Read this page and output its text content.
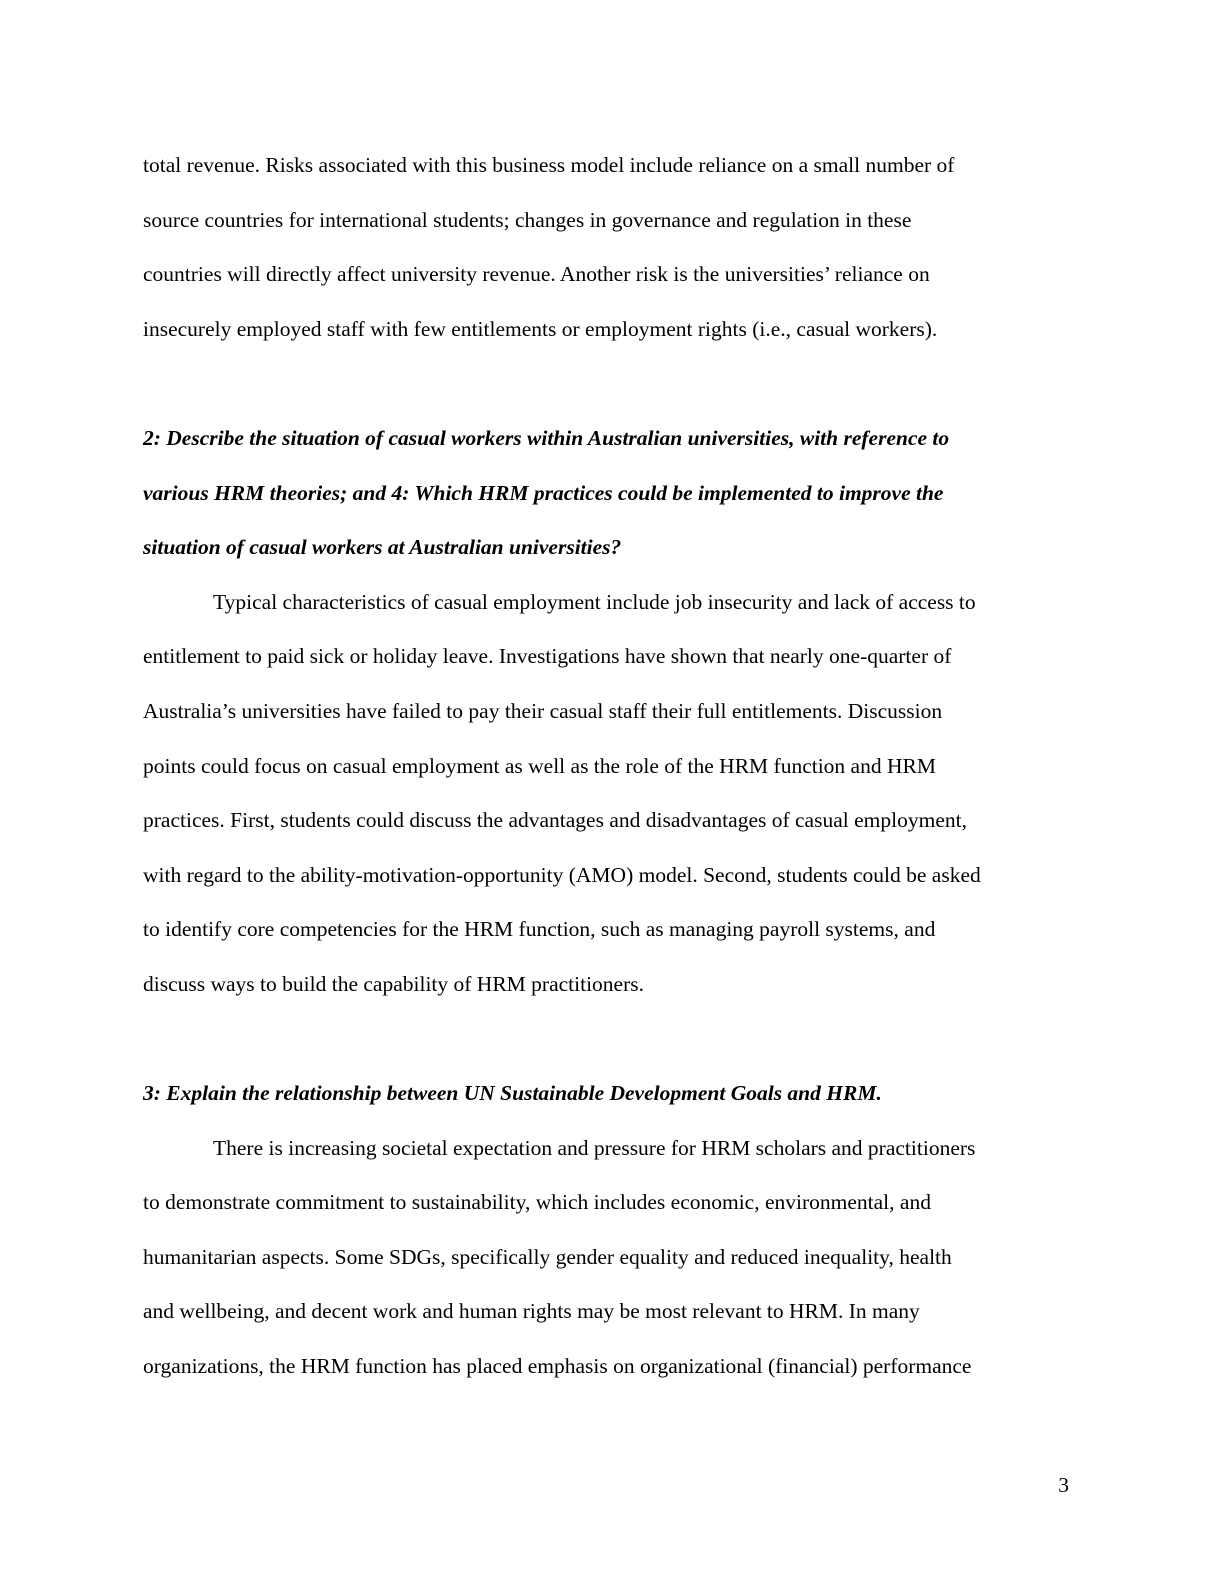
total revenue. Risks associated with this business model include reliance on a small number of
source countries for international students; changes in governance and regulation in these
countries will directly affect university revenue. Another risk is the universities’ reliance on
insecurely employed staff with few entitlements or employment rights (i.e., casual workers).

2: Describe the situation of casual workers within Australian universities, with reference to
various HRM theories; and 4: Which HRM practices could be implemented to improve the
situation of casual workers at Australian universities?

Typical characteristics of casual employment include job insecurity and lack of access to
entitlement to paid sick or holiday leave. Investigations have shown that nearly one-quarter of
Australia’s universities have failed to pay their casual staff their full entitlements. Discussion
points could focus on casual employment as well as the role of the HRM function and HRM
practices. First, students could discuss the advantages and disadvantages of casual employment,
with regard to the ability-motivation-opportunity (AMO) model. Second, students could be asked
to identify core competencies for the HRM function, such as managing payroll systems, and
discuss ways to build the capability of HRM practitioners.

3: Explain the relationship between UN Sustainable Development Goals and HRM.

There is increasing societal expectation and pressure for HRM scholars and practitioners
to demonstrate commitment to sustainability, which includes economic, environmental, and
humanitarian aspects. Some SDGs, specifically gender equality and reduced inequality, health
and wellbeing, and decent work and human rights may be most relevant to HRM. In many
organizations, the HRM function has placed emphasis on organizational (financial) performance

3
